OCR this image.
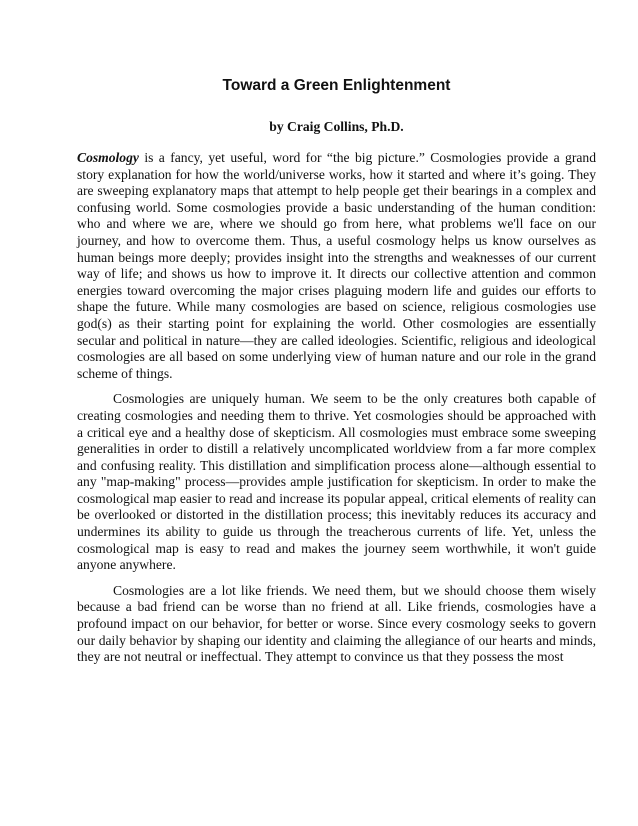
Toward a Green Enlightenment
by Craig Collins, Ph.D.

Cosmology is a fancy, yet useful, word for “the big picture.” Cosmologies provide a grand story explanation for how the world/universe works, how it started and where it’s going. They are sweeping explanatory maps that attempt to help people get their bearings in a complex and confusing world. Some cosmologies provide a basic understanding of the human condition: who and where we are, where we should go from here, what problems we'll face on our journey, and how to overcome them. Thus, a useful cosmology helps us know ourselves as human beings more deeply; provides insight into the strengths and weaknesses of our current way of life; and shows us how to improve it. It directs our collective attention and common energies toward overcoming the major crises plaguing modern life and guides our efforts to shape the future. While many cosmologies are based on science, religious cosmologies use god(s) as their starting point for explaining the world. Other cosmologies are essentially secular and political in nature—they are called ideologies. Scientific, religious and ideological cosmologies are all based on some underlying view of human nature and our role in the grand scheme of things.

Cosmologies are uniquely human. We seem to be the only creatures both capable of creating cosmologies and needing them to thrive. Yet cosmologies should be approached with a critical eye and a healthy dose of skepticism. All cosmologies must embrace some sweeping generalities in order to distill a relatively uncomplicated worldview from a far more complex and confusing reality. This distillation and simplification process alone—although essential to any "map-making" process—provides ample justification for skepticism. In order to make the cosmological map easier to read and increase its popular appeal, critical elements of reality can be overlooked or distorted in the distillation process; this inevitably reduces its accuracy and undermines its ability to guide us through the treacherous currents of life. Yet, unless the cosmological map is easy to read and makes the journey seem worthwhile, it won't guide anyone anywhere.

Cosmologies are a lot like friends. We need them, but we should choose them wisely because a bad friend can be worse than no friend at all. Like friends, cosmologies have a profound impact on our behavior, for better or worse. Since every cosmology seeks to govern our daily behavior by shaping our identity and claiming the allegiance of our hearts and minds, they are not neutral or ineffectual. They attempt to convince us that they possess the most
